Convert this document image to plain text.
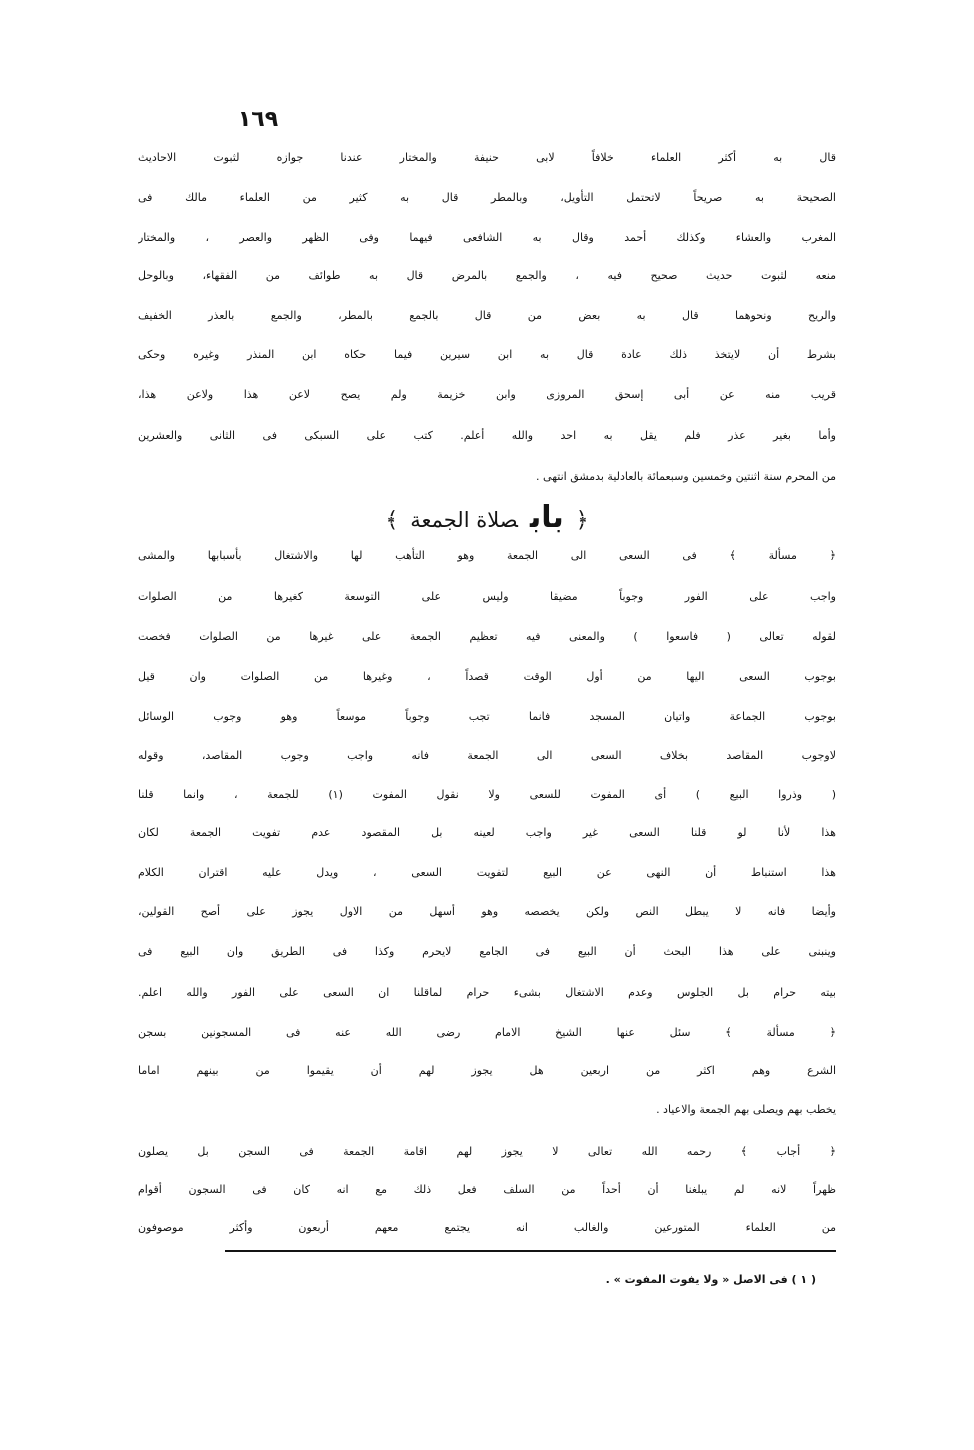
١٦٩
قال به أكثر العلماء خلافاً لابى حنيفة والمختار عندنا جوازه لثبوت الاحاديث
الصحيحة به صريحاً لاتحتمل التأويل، وبالمطر قال به كثير من العلماء مالك فى
المغرب والعشاء وكذلك أحمد وقال به الشافعى فيهما وفى الظهر والعصر ، والمختار
منعه لثبوت حديث صحيح فيه ، والجمع بالمرض قال به طوائف من الفقهاء، وبالوحل
والريح ونحوهما قال به بعض من قال بالجمع بالمطر، والجمع بالعذر الخفيف
بشرط أن لايتخذ ذلك عادة قال به ابن سيرين فيما حكاه ابن المنذر وغيره وحكى
قريب منه عن أبى إسحق المروزى وابن خزيمة ولم يصح لاعن هذا ولاعن هذا،
وأما بغير عذر فلم يقل به احد والله أعلم. كتب على السبكى فى الثانى والعشرين
من المحرم سنة اثنتين وخمسين وسبعمائة بالعادلية بدمشق انتهى .
﴿بابصلاة الجمعة﴾
﴿ مسألة ﴾ فى السعى الى الجمعة وهو التأهب لها والاشتغال بأسبابها والمشى
واجب على الفور وجوباً مضيقا وليس على التوسعة كغيرها من الصلوات
لقوله تعالى ( فاسعوا ) والمعنى فيه تعظيم الجمعة على غيرها من الصلوات فخصت
بوجوب السعى اليها من أول الوقت قصداً ، وغيرها من الصلوات وان قيل
بوجوب الجماعة واتيان المسجد فانما تجب وجوباً موسعاً وهو وجوب الوسائل
لاوجوب المقاصد بخلاف السعى الى الجمعة فانه واجب وجوب المقاصد، وقوله
( وذروا البيع ) أى المفوت للسعى ولا نقول المفوت (١) للجمعة ، وانما قلنا
هذا لأنا لو قلنا السعى غير واجب لعينه بل المقصود عدم تفويت الجمعة لكان
هذا استنباط أن النهى عن البيع لتفويت السعى ، ويدل عليه اقتران الكلام
وأيضا فانه لا يبطل النص ولكن يخصصه وهو أسهل من الاول يجوز على أصح القولين،
وينبنى على هذا البحث أن البيع فى الجامع لايحرم وكذا فى الطريق وان البيع فى
بيته حرام بل الجلوس وعدم الاشتغال بشىء حرام لماقلنا ان السعى على الفور والله اعلم.
﴿ مسألة ﴾ سئل عنها الشيخ الامام رضى الله عنه فى المسجونين بسجن
الشرع وهم اكثر من اربعين هل يجوز لهم أن يقيموا من بينهم اماما
يخطب بهم ويصلى بهم الجمعة والاعياد .
﴿ أجاب ﴾ رحمه الله تعالى لا يجوز لهم اقامة الجمعة فى السجن بل يصلون
ظهراً لانه لم يبلغنا أن أحداً من السلف فعل ذلك مع انه كان فى السجون أقوام
من العلماء المتورعين والغالب انه يجتمع معهم أربعون وأكثر موصوفون
( ١ ) فى الاصل « ولا يفوت المفوت » .
